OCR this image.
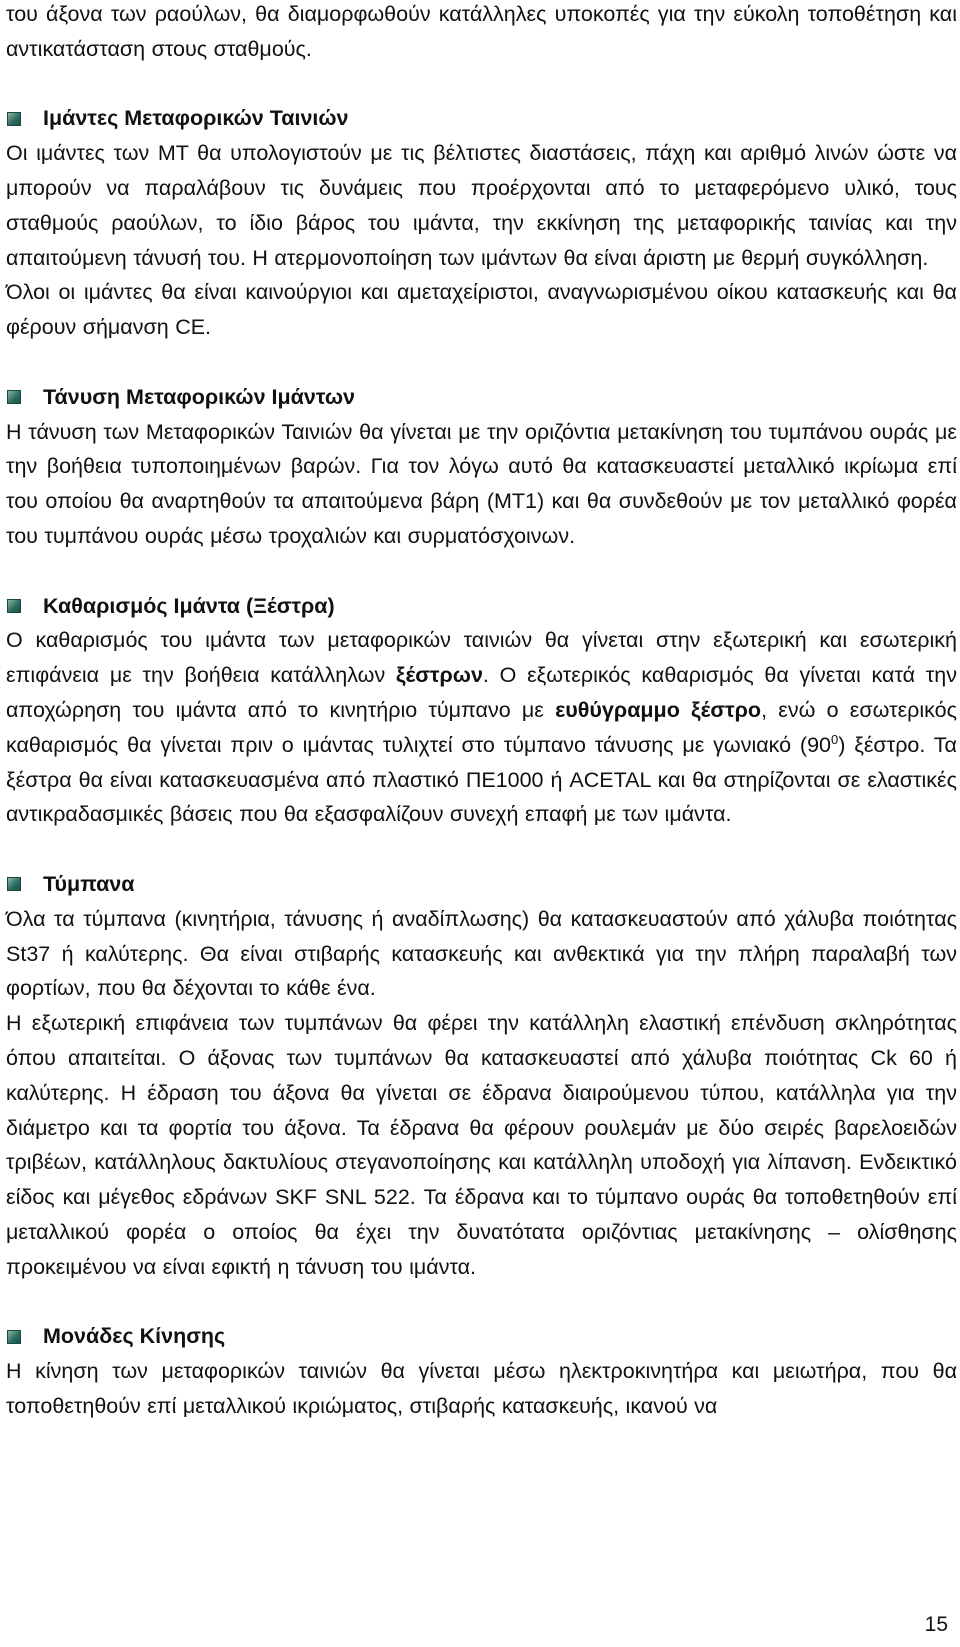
του άξονα των ραούλων, θα διαμορφωθούν κατάλληλες υποκοπές για την εύκολη τοποθέτηση και αντικατάσταση στους σταθμούς.

Ιμάντες Μεταφορικών Ταινιών

Οι ιμάντες των ΜΤ θα υπολογιστούν με τις βέλτιστες διαστάσεις, πάχη και αριθμό λινών ώστε να μπορούν να παραλάβουν τις δυνάμεις που προέρχονται από το μεταφερόμενο υλικό, τους σταθμούς ραούλων, το ίδιο βάρος του ιμάντα, την εκκίνηση της μεταφορικής ταινίας και την απαιτούμενη τάνυσή του. Η ατερμονοποίηση των ιμάντων θα είναι άριστη με θερμή συγκόλληση.

Όλοι οι ιμάντες θα είναι καινούργιοι και αμεταχείριστοι, αναγνωρισμένου οίκου κατασκευής και θα φέρουν σήμανση CE.

Τάνυση Μεταφορικών Ιμάντων

Η τάνυση των Μεταφορικών Ταινιών θα γίνεται με την οριζόντια μετακίνηση του τυμπάνου ουράς με την βοήθεια τυποποιημένων βαρών. Για τον λόγω αυτό θα κατασκευαστεί μεταλλικό ικρίωμα επί του οποίου θα αναρτηθούν τα απαιτούμενα βάρη (ΜΤ1) και θα συνδεθούν με τον μεταλλικό φορέα του τυμπάνου ουράς μέσω τροχαλιών και συρματόσχοινων.

Καθαρισμός Ιμάντα (Ξέστρα)

Ο καθαρισμός του ιμάντα των μεταφορικών ταινιών θα γίνεται στην εξωτερική και εσωτερική επιφάνεια με την βοήθεια κατάλληλων ξέστρων. Ο εξωτερικός καθαρισμός θα γίνεται κατά την αποχώρηση του ιμάντα από το κινητήριο τύμπανο με ευθύγραμμο ξέστρο, ενώ ο εσωτερικός καθαρισμός θα γίνεται πριν ο ιμάντας τυλιχτεί στο τύμπανο τάνυσης με γωνιακό $(90^0)$ ξέστρο. Τα ξέστρα θα είναι κατασκευασμένα από πλαστικό ΠΕ1000 ή ACETAL και θα στηρίζονται σε ελαστικές αντικραδασμικές βάσεις που θα εξασφαλίζουν συνεχή επαφή με των ιμάντα.

Τύμπανα

Όλα τα τύμπανα (κινητήρια, τάνυσης ή αναδίπλωσης) θα κατασκευαστούν από χάλυβα ποιότητας St37 ή καλύτερης. Θα είναι στιβαρής κατασκευής και ανθεκτικά για την πλήρη παραλαβή των φορτίων, που θα δέχονται το κάθε ένα.

Η εξωτερική επιφάνεια των τυμπάνων θα φέρει την κατάλληλη ελαστική επένδυση σκληρότητας όπου απαιτείται. Ο άξονας των τυμπάνων θα κατασκευαστεί από χάλυβα ποιότητας Ck 60 ή καλύτερης. Η έδραση του άξονα θα γίνεται σε έδρανα διαιρούμενου τύπου, κατάλληλα για την διάμετρο και τα φορτία του άξονα. Τα έδρανα θα φέρουν ρουλεμάν με δύο σειρές βαρελοειδών τριβέων, κατάλληλους δακτυλίους στεγανοποίησης και κατάλληλη υποδοχή για λίπανση. Ενδεικτικό είδος και μέγεθος εδράνων SKF SNL 522. Τα έδρανα και το τύμπανο ουράς θα τοποθετηθούν επί μεταλλικού φορέα ο οποίος θα έχει την δυνατότατα οριζόντιας μετακίνησης – ολίσθησης προκειμένου να είναι εφικτή η τάνυση του ιμάντα.

Μονάδες Κίνησης

Η κίνηση των μεταφορικών ταινιών θα γίνεται μέσω ηλεκτροκινητήρα και μειωτήρα, που θα τοποθετηθούν επί μεταλλικού ικριώματος, στιβαρής κατασκευής, ικανού να

15
